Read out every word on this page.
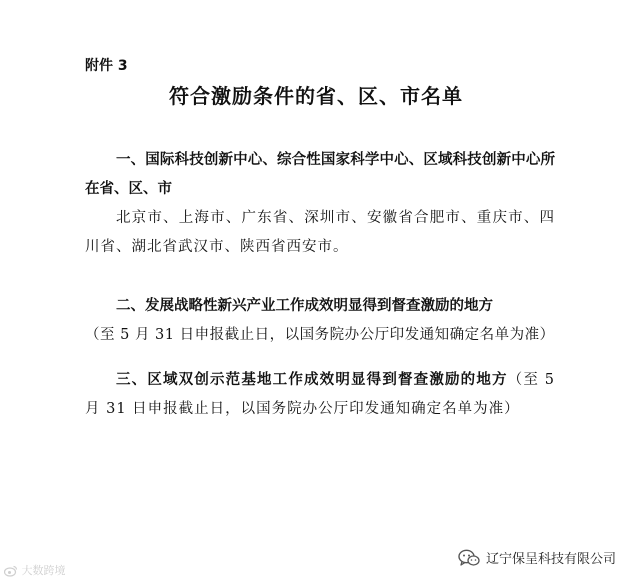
附件 3
符合激励条件的省、区、市名单
一、国际科技创新中心、综合性国家科学中心、区域科技创新中心所在省、区、市
北京市、上海市、广东省、深圳市、安徽省合肥市、重庆市、四川省、湖北省武汉市、陕西省西安市。
二、发展战略性新兴产业工作成效明显得到督查激励的地方
（至 5 月 31 日申报截止日，以国务院办公厅印发通知确定名单为准）
三、区域双创示范基地工作成效明显得到督查激励的地方（至 5 月 31 日申报截止日，以国务院办公厅印发通知确定名单为准）
大数跨境
辽宁保呈科技有限公司
